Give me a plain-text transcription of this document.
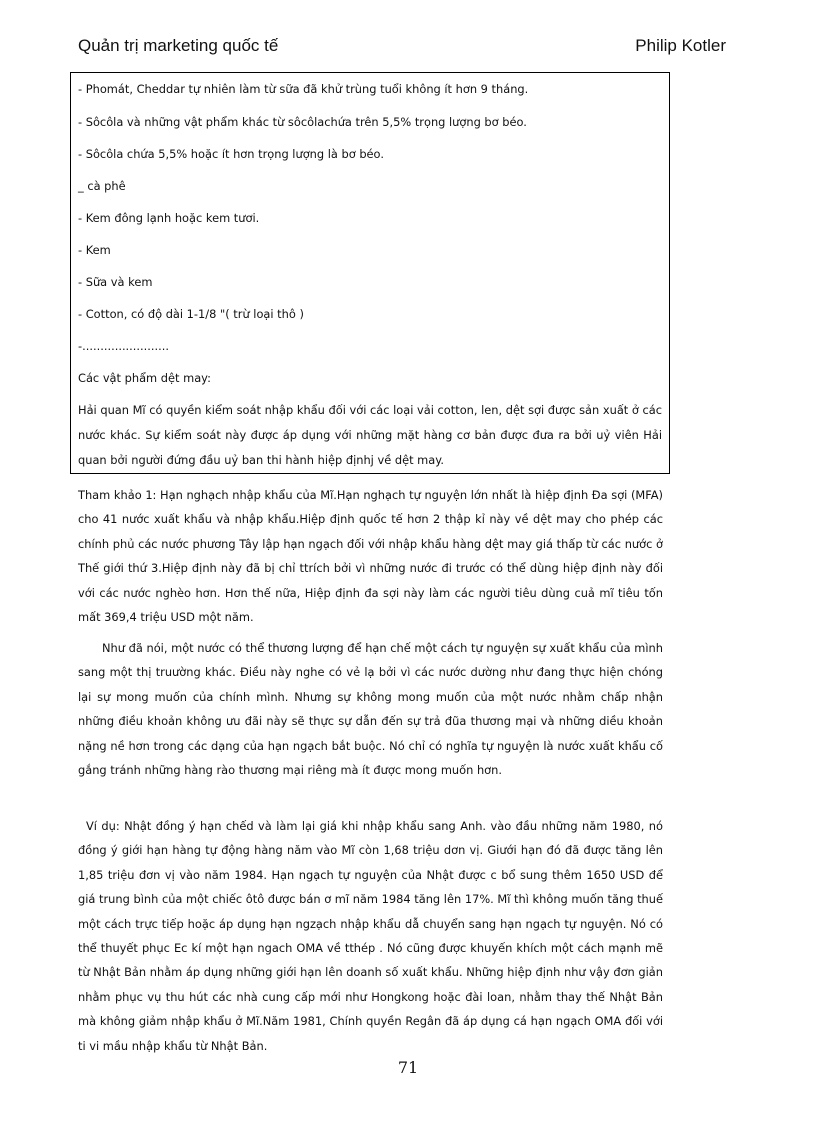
Quản trị marketing quốc tế	Philip Kotler
- Phomát, Cheddar tự nhiên làm từ sữa đã khử trùng tuổi không ít hơn 9 tháng.
- Sôcôla và những vật phẩm khác từ sôcôlachứa trên 5,5% trọng lượng bơ béo.
- Sôcôla chứa 5,5% hoặc ít hơn trọng lượng là bơ béo.
_ cà phê
- Kem đông lạnh hoặc kem tươi.
- Kem
- Sữa và kem
- Cotton, có độ dài 1-1/8 "( trừ loại thô )
-........................
Các vật phẩm dệt may:
Hải quan Mĩ có quyền kiểm soát nhập khẩu đối với các loại vải cotton, len, dệt sợi được sản xuất ở các nước khác. Sự kiểm soát này được áp dụng với những mặt hàng cơ bản được đưa ra bởi uỷ viên Hải quan bởi người đứng đầu uỷ ban thi hành hiệp địnhj về dệt may.
Tham khảo 1: Hạn nghạch nhập khẩu của Mĩ.Hạn nghạch tự nguyện lớn nhất là hiệp định Đa sợi (MFA) cho 41 nước xuất khẩu và nhập khẩu.Hiệp định quốc tế hơn 2 thập kỉ này về dệt may cho phép các chính phủ các nước phương Tây lập hạn ngạch đối với nhập khẩu hàng dệt may giá thấp từ các nước ở Thế giới thứ 3.Hiệp định này đã bị chỉ ttrích bởi vì những nước đi trước có thể dùng hiệp định này đối với các nước nghèo hơn. Hơn thế nữa, Hiệp định đa sợi này làm các người tiêu dùng cuả mĩ tiêu tốn mất 369,4 triệu USD một năm.
Như đã nói, một nước có thể thương lượng để hạn chế một cách tự nguyện sự xuất khẩu của mình sang một thị truường khác. Điều này nghe có vẻ lạ bởi vì các nước dường như đang thực hiện chóng lại sự mong muốn của chính mình. Nhưng sự không mong muốn của một nước nhằm chấp nhận những điều khoản không ưu đãi này sẽ thực sự dẫn đến sự trả đũa thương mại và những diều khoản nặng nề hơn trong các dạng của hạn ngạch bắt buộc. Nó chỉ có nghĩa tự nguyện là nước xuất khẩu cố gắng tránh những hàng rào thương mại riêng mà ít được mong muốn hơn.
Ví dụ: Nhật đồng ý hạn chếd và làm lại giá khi nhập khẩu sang Anh. vào đầu những năm 1980, nó đồng ý giới hạn hàng tự động hàng năm vào Mĩ còn 1,68 triệu dơn vị. Giưới hạn đó đã được tăng lên 1,85 triệu đơn vị vào năm 1984. Hạn ngạch tự nguyện của Nhật được c bổ sung thêm 1650 USD để giá trung bình của một chiếc ôtô được bán ơ mĩ năm 1984 tăng lên 17%. Mĩ thì không muốn tăng thuế một cách trực tiếp hoặc áp dụng hạn ngzạch nhập khẩu dẫ chuyển sang hạn ngạch tự nguyện. Nó có thể thuyết phục Ec kí một hạn ngach OMA về tthép . Nó cũng được khuyến khích một cách mạnh mẽ từ Nhật Bản nhằm áp dụng những giới hạn lên doanh số xuất khẩu. Những hiệp định như vậy đơn giản nhằm phục vụ thu hút các nhà cung cấp mới như Hongkong hoặc đài loan, nhằm thay thế Nhật Bản mà không giảm nhập khẩu ở Mĩ.Năm 1981, Chính quyền Regân đã áp dụng cá hạn ngạch OMA đối với ti vi mầu nhập khẩu từ Nhật Bản.
71
